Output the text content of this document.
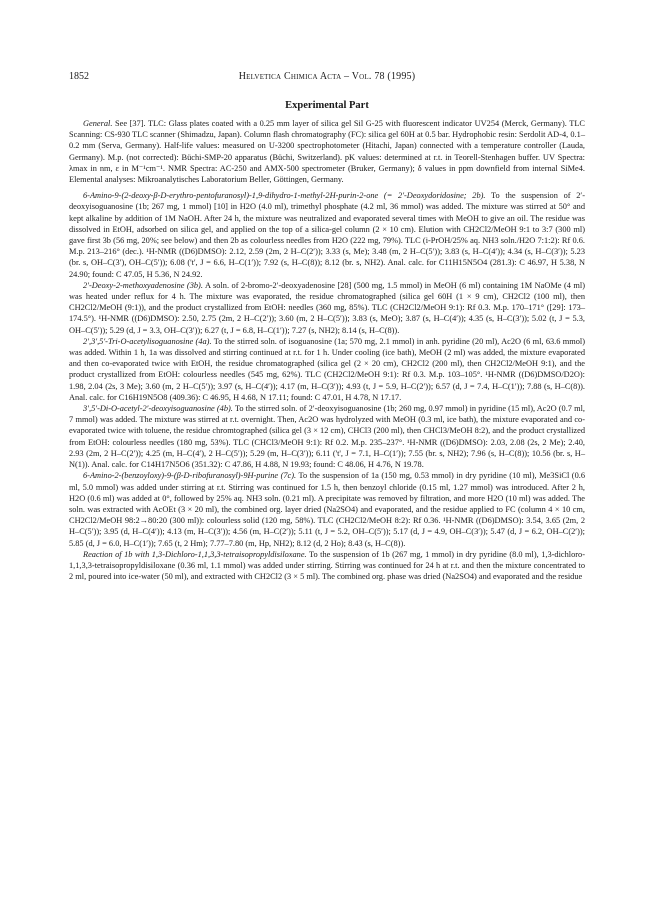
1852	Helvetica Chimica Acta – Vol. 78 (1995)
Experimental Part

General. See [37]. TLC: Glass plates coated with a 0.25 mm layer of silica gel Sil G-25 with fluorescent indicator UV254 (Merck, Germany). TLC Scanning: CS-930 TLC scanner (Shimadzu, Japan). Column flash chromatography (FC): silica gel 60H at 0.5 bar. Hydrophobic resin: Serdolit AD-4, 0.1–0.2 mm (Serva, Germany). Half-life values: measured on U-3200 spectrophotometer (Hitachi, Japan) connected with a temperature controller (Lauda, Germany). M.p. (not corrected): Büchi-SMP-20 apparatus (Büchi, Switzerland). pK values: determined at r.t. in Teorell-Stenhagen buffer. UV Spectra: λmax in nm, ε in M⁻¹cm⁻¹. NMR Spectra: AC-250 and AMX-500 spectrometer (Bruker, Germany); δ values in ppm downfield from internal SiMe4. Elemental analyses: Mikroanalytisches Laboratorium Beller, Göttingen, Germany.

6-Amino-9-(2-deoxy-β-D-erythro-pentofuranosyl)-1,9-dihydro-1-methyl-2H-purin-2-one (= 2′-Deoxydoridosine; 2b). To the suspension of 2′-deoxyisoguanosine (1b; 267 mg, 1 mmol) [10] in H2O (4.0 ml), trimethyl phosphate (4.2 ml, 36 mmol) was added. The mixture was stirred at 50° and kept alkaline by addition of 1M NaOH. After 24 h, the mixture was neutralized and evaporated several times with MeOH to give an oil. The residue was dissolved in EtOH, adsorbed on silica gel, and applied on the top of a silica-gel column (2 × 10 cm). Elution with CH2Cl2/MeOH 9:1 to 3:7 (300 ml) gave first 3b (56 mg, 20%; see below) and then 2b as colourless needles from H2O (222 mg, 79%). TLC (i-PrOH/25% aq. NH3 soln./H2O 7:1:2): Rf 0.6. M.p. 213–216° (dec.). ¹H-NMR ((D6)DMSO): 2.12, 2.59 (2m, 2 H–C(2′)); 3.33 (s, Me); 3.48 (m, 2 H–C(5′)); 3.83 (s, H–C(4′)); 4.34 (s, H–C(3′)); 5.23 (br. s, OH–C(3′), OH–C(5′)); 6.08 ('t', J = 6.6, H–C(1′)); 7.92 (s, H–C(8)); 8.12 (br. s, NH2). Anal. calc. for C11H15N5O4 (281.3): C 46.97, H 5.38, N 24.90; found: C 47.05, H 5.36, N 24.92.

2′-Deoxy-2-methoxyadenosine (3b). A soln. of 2-bromo-2′-deoxyadenosine [28] (500 mg, 1.5 mmol) in MeOH (6 ml) containing 1M NaOMe (4 ml) was heated under reflux for 4 h. The mixture was evaporated, the residue chromatographed (silica gel 60H (1 × 9 cm), CH2Cl2 (100 ml), then CH2Cl2/MeOH (9:1)), and the product crystallized from EtOH: needles (360 mg, 85%). TLC (CH2Cl2/MeOH 9:1): Rf 0.3. M.p. 170–171° ([29]: 173–174.5°). ¹H-NMR ((D6)DMSO): 2.50, 2.75 (2m, 2 H–C(2′)); 3.60 (m, 2 H–C(5′)); 3.83 (s, MeO); 3.87 (s, H–C(4′)); 4.35 (s, H–C(3′)); 5.02 (t, J = 5.3, OH–C(5′)); 5.29 (d, J = 3.3, OH–C(3′)); 6.27 (t, J = 6.8, H–C(1′)); 7.27 (s, NH2); 8.14 (s, H–C(8)).

2′,3′,5′-Tri-O-acetylisoguanosine (4a). To the stirred soln. of isoguanosine (1a; 570 mg, 2.1 mmol) in anh. pyridine (20 ml), Ac2O (6 ml, 63.6 mmol) was added. Within 1 h, 1a was dissolved and stirring continued at r.t. for 1 h. Under cooling (ice bath), MeOH (2 ml) was added, the mixture evaporated and then co-evaporated twice with EtOH, the residue chromatographed (silica gel (2 × 20 cm), CH2Cl2 (200 ml), then CH2Cl2/MeOH 9:1), and the product crystallized from EtOH: colourless needles (545 mg, 62%). TLC (CH2Cl2/MeOH 9:1): Rf 0.3. M.p. 103–105°. ¹H-NMR ((D6)DMSO/D2O): 1.98, 2.04 (2s, 3 Me); 3.60 (m, 2 H–C(5′)); 3.97 (s, H–C(4′)); 4.17 (m, H–C(3′)); 4.93 (t, J = 5.9, H–C(2′)); 6.57 (d, J = 7.4, H–C(1′)); 7.88 (s, H–C(8)). Anal. calc. for C16H19N5O8 (409.36): C 46.95, H 4.68, N 17.11; found: C 47.01, H 4.78, N 17.17.

3′,5′-Di-O-acetyl-2′-deoxyisoguanosine (4b). To the stirred soln. of 2′-deoxyisoguanosine (1b; 260 mg, 0.97 mmol) in pyridine (15 ml), Ac2O (0.7 ml, 7 mmol) was added. The mixture was stirred at r.t. overnight. Then, Ac2O was hydrolyzed with MeOH (0.3 ml, ice bath), the mixture evaporated and co-evaporated twice with toluene, the residue chromtographed (silica gel (3 × 12 cm), CHCl3 (200 ml), then CHCl3/MeOH 8:2), and the product crystallized from EtOH: colourless needles (180 mg, 53%). TLC (CHCl3/MeOH 9:1): Rf 0.2. M.p. 235–237°. ¹H-NMR ((D6)DMSO): 2.03, 2.08 (2s, 2 Me); 2.40, 2.93 (2m, 2 H–C(2′)); 4.25 (m, H–C(4′), 2 H–C(5′)); 5.29 (m, H–C(3′)); 6.11 ('t', J = 7.1, H–C(1′)); 7.55 (br. s, NH2); 7.96 (s, H–C(8)); 10.56 (br. s, H–N(1)). Anal. calc. for C14H17N5O6 (351.32): C 47.86, H 4.88, N 19.93; found: C 48.06, H 4.76, N 19.78.

6-Amino-2-(benzoyloxy)-9-(β-D-ribofuranosyl)-9H-purine (7c). To the suspension of 1a (150 mg, 0.53 mmol) in dry pyridine (10 ml), Me3SiCl (0.6 ml, 5.0 mmol) was added under stirring at r.t. Stirring was continued for 1.5 h, then benzoyl chloride (0.15 ml, 1.27 mmol) was introduced. After 2 h, H2O (0.6 ml) was added at 0°, followed by 25% aq. NH3 soln. (0.21 ml). A precipitate was removed by filtration, and more H2O (10 ml) was added. The soln. was extracted with AcOEt (3 × 20 ml), the combined org. layer dried (Na2SO4) and evaporated, and the residue applied to FC (column 4 × 10 cm, CH2Cl2/MeOH 98:2→80:20 (300 ml)): colourless solid (120 mg, 58%). TLC (CH2Cl2/MeOH 8:2): Rf 0.36. ¹H-NMR ((D6)DMSO): 3.54, 3.65 (2m, 2 H–C(5′)); 3.95 (d, H–C(4′)); 4.13 (m, H–C(3′)); 4.56 (m, H–C(2′)); 5.11 (t, J = 5.2, OH–C(5′)); 5.17 (d, J = 4.9, OH–C(3′)); 5.47 (d, J = 6.2, OH–C(2′)); 5.85 (d, J = 6.0, H–C(1′)); 7.65 (t, 2 Hm); 7.77–7.80 (m, Hp, NH2); 8.12 (d, 2 Ho); 8.43 (s, H–C(8)).

Reaction of 1b with 1,3-Dichloro-1,1,3,3-tetraisopropyldisiloxane. To the suspension of 1b (267 mg, 1 mmol) in dry pyridine (8.0 ml), 1,3-dichloro-1,1,3,3-tetraisopropyldisiloxane (0.36 ml, 1.1 mmol) was added under stirring. Stirring was continued for 24 h at r.t. and then the mixture concentrated to 2 ml, poured into ice-water (50 ml), and extracted with CH2Cl2 (3 × 5 ml). The combined org. phase was dried (Na2SO4) and evaporated and the residue
